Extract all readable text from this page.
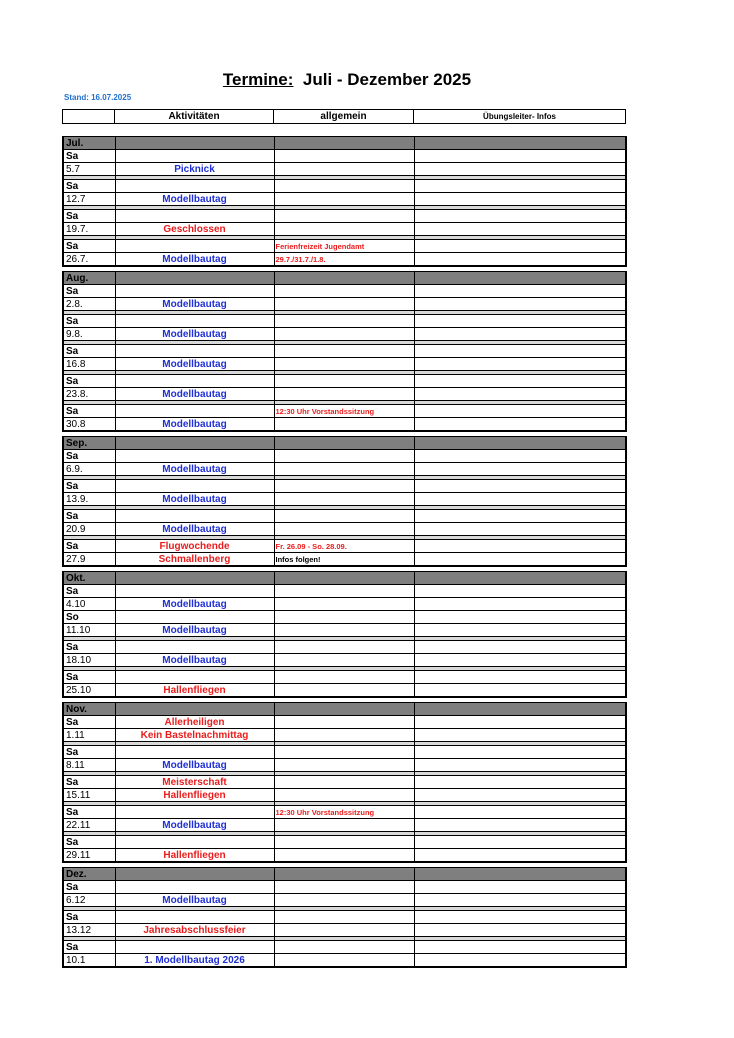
Termine: Juli - Dezember 2025
Stand: 16.07.2025
	Aktivitäten	allgemein	Übungsleiter- Infos
Jul.			
Sa			
5.7	Picknick		

Sa			
12.7	Modellbautag		

Sa			
19.7.	Geschlossen		

Sa		Ferienfreizeit Jugendamt	
26.7.	Modellbautag	29.7./31.7./1.8.	

Aug.			
Sa			
2.8.	Modellbautag		

Sa			
9.8.	Modellbautag		

Sa			
16.8	Modellbautag		

Sa			
23.8.	Modellbautag		

Sa		12:30 Uhr Vorstandssitzung	
30.8	Modellbautag		

Sep.			
Sa			
6.9.	Modellbautag		

Sa			
13.9.	Modellbautag		

Sa			
20.9	Modellbautag		

Sa	Flugwochende	Fr. 26.09 - So. 28.09.	
27.9	Schmallenberg	Infos folgen!	

Okt.			
Sa			
4.10	Modellbautag		
So			
11.10	Modellbautag		

Sa			
18.10	Modellbautag		

Sa			
25.10	Hallenfliegen		

Nov.			
Sa	Allerheiligen		
1.11	Kein Bastelnachmittag		

Sa			
8.11	Modellbautag		

Sa	Meisterschaft		
15.11	Hallenfliegen		

Sa		12:30 Uhr Vorstandssitzung	
22.11	Modellbautag		

Sa			
29.11	Hallenfliegen		

Dez.			
Sa			
6.12	Modellbautag		

Sa			
13.12	Jahresabschlussfeier		

Sa			
10.1	1. Modellbautag 2026		
